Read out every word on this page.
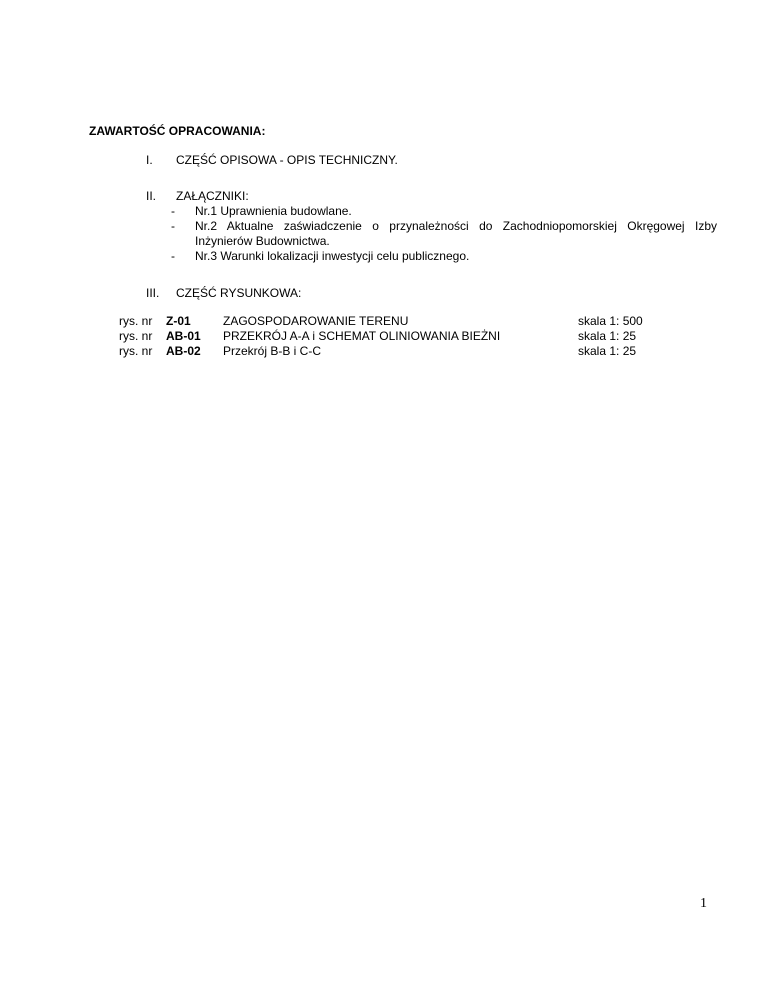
ZAWARTOŚĆ OPRACOWANIA:
I. CZĘŚĆ OPISOWA - OPIS TECHNICZNY.
II. ZAŁĄCZNIKI:
- Nr.1 Uprawnienia budowlane.
- Nr.2 Aktualne zaświadczenie o przynależności do Zachodniopomorskiej Okręgowej Izby
Inżynierów Budownictwa.
- Nr.3 Warunki lokalizacji inwestycji celu publicznego.
III. CZĘŚĆ RYSUNKOWA:
rys. nr Z-01	ZAGOSPODAROWANIE TERENU	skala 1: 500
rys. nr AB-01 PRZEKRÓJ A-A i SCHEMAT OLINIOWANIA BIEŻNI	skala 1: 25
rys. nr AB-02 Przekrój B-B i C-C	skala 1: 25
1
